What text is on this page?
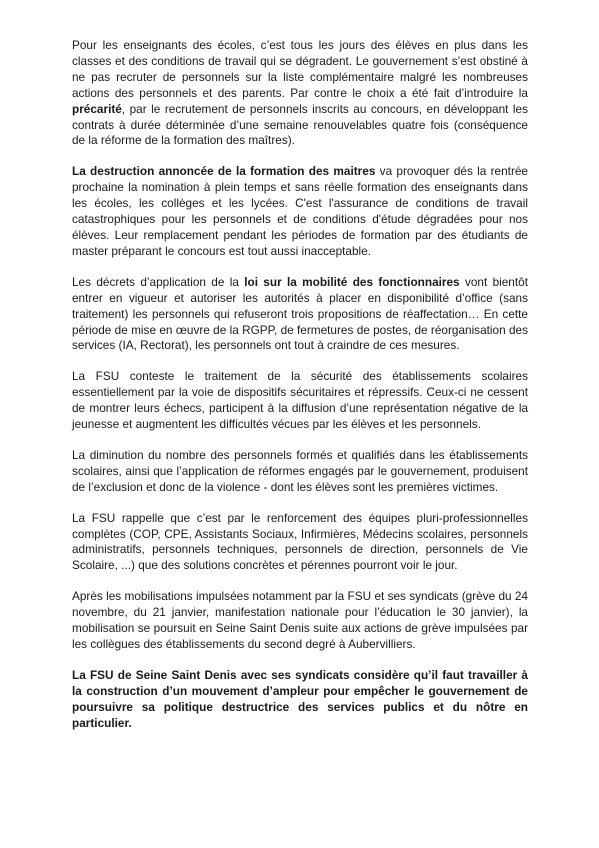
Pour les enseignants des écoles, c’est tous les jours des élèves en plus dans les classes et des conditions de travail qui se dégradent. Le gouvernement s’est obstiné à ne pas recruter de personnels sur la liste complémentaire malgré les nombreuses actions des personnels et des parents. Par contre le choix a été fait d’introduire la précarité, par le recrutement de personnels inscrits au concours, en développant les contrats à durée déterminée d’une semaine renouvelables quatre fois (conséquence de la réforme de la formation des maîtres).

La destruction annoncée de la formation des maitres va provoquer dés la rentrée prochaine la nomination à plein temps et sans réelle formation des enseignants dans les écoles, les collèges et les lycées. C'est l'assurance de conditions de travail catastrophiques pour les personnels et de conditions d'étude dégradées pour nos élèves. Leur remplacement pendant les périodes de formation par des étudiants de master préparant le concours est tout aussi inacceptable.

Les décrets d’application de la loi sur la mobilité des fonctionnaires vont bientôt entrer en vigueur et autoriser les autorités à placer en disponibilité d’office (sans traitement) les personnels qui refuseront trois propositions de réaffectation… En cette période de mise en œuvre de la RGPP, de fermetures de postes, de réorganisation des services (IA, Rectorat), les personnels ont tout à craindre de ces mesures.

La FSU conteste le traitement de la sécurité des établissements scolaires essentiellement par la voie de dispositifs sécuritaires et répressifs. Ceux-ci ne cessent de montrer leurs échecs, participent à la diffusion d’une représentation négative de la jeunesse et augmentent les difficultés vécues par les élèves et les personnels.

La diminution du nombre des personnels formés et qualifiés dans les établissements scolaires, ainsi que l’application de réformes engagés par le gouvernement, produisent de l’exclusion et donc de la violence - dont les élèves sont les premières victimes.

La FSU rappelle que c’est par le renforcement des équipes pluri-professionnelles complètes (COP, CPE, Assistants Sociaux, Infirmières, Médecins scolaires, personnels administratifs, personnels techniques, personnels de direction, personnels de Vie Scolaire, ...) que des solutions concrètes et pérennes pourront voir le jour.

Après les mobilisations impulsées notamment par la FSU et ses syndicats (grève du 24 novembre, du 21 janvier, manifestation nationale pour l’éducation le 30 janvier), la mobilisation se poursuit en Seine Saint Denis suite aux actions de grève impulsées par les collègues des établissements du second degré à Aubervilliers.

La FSU de Seine Saint Denis avec ses syndicats considère qu’il faut travailler à la construction d’un mouvement d’ampleur pour empêcher le gouvernement de poursuivre sa politique destructrice des services publics et du nôtre en particulier.
